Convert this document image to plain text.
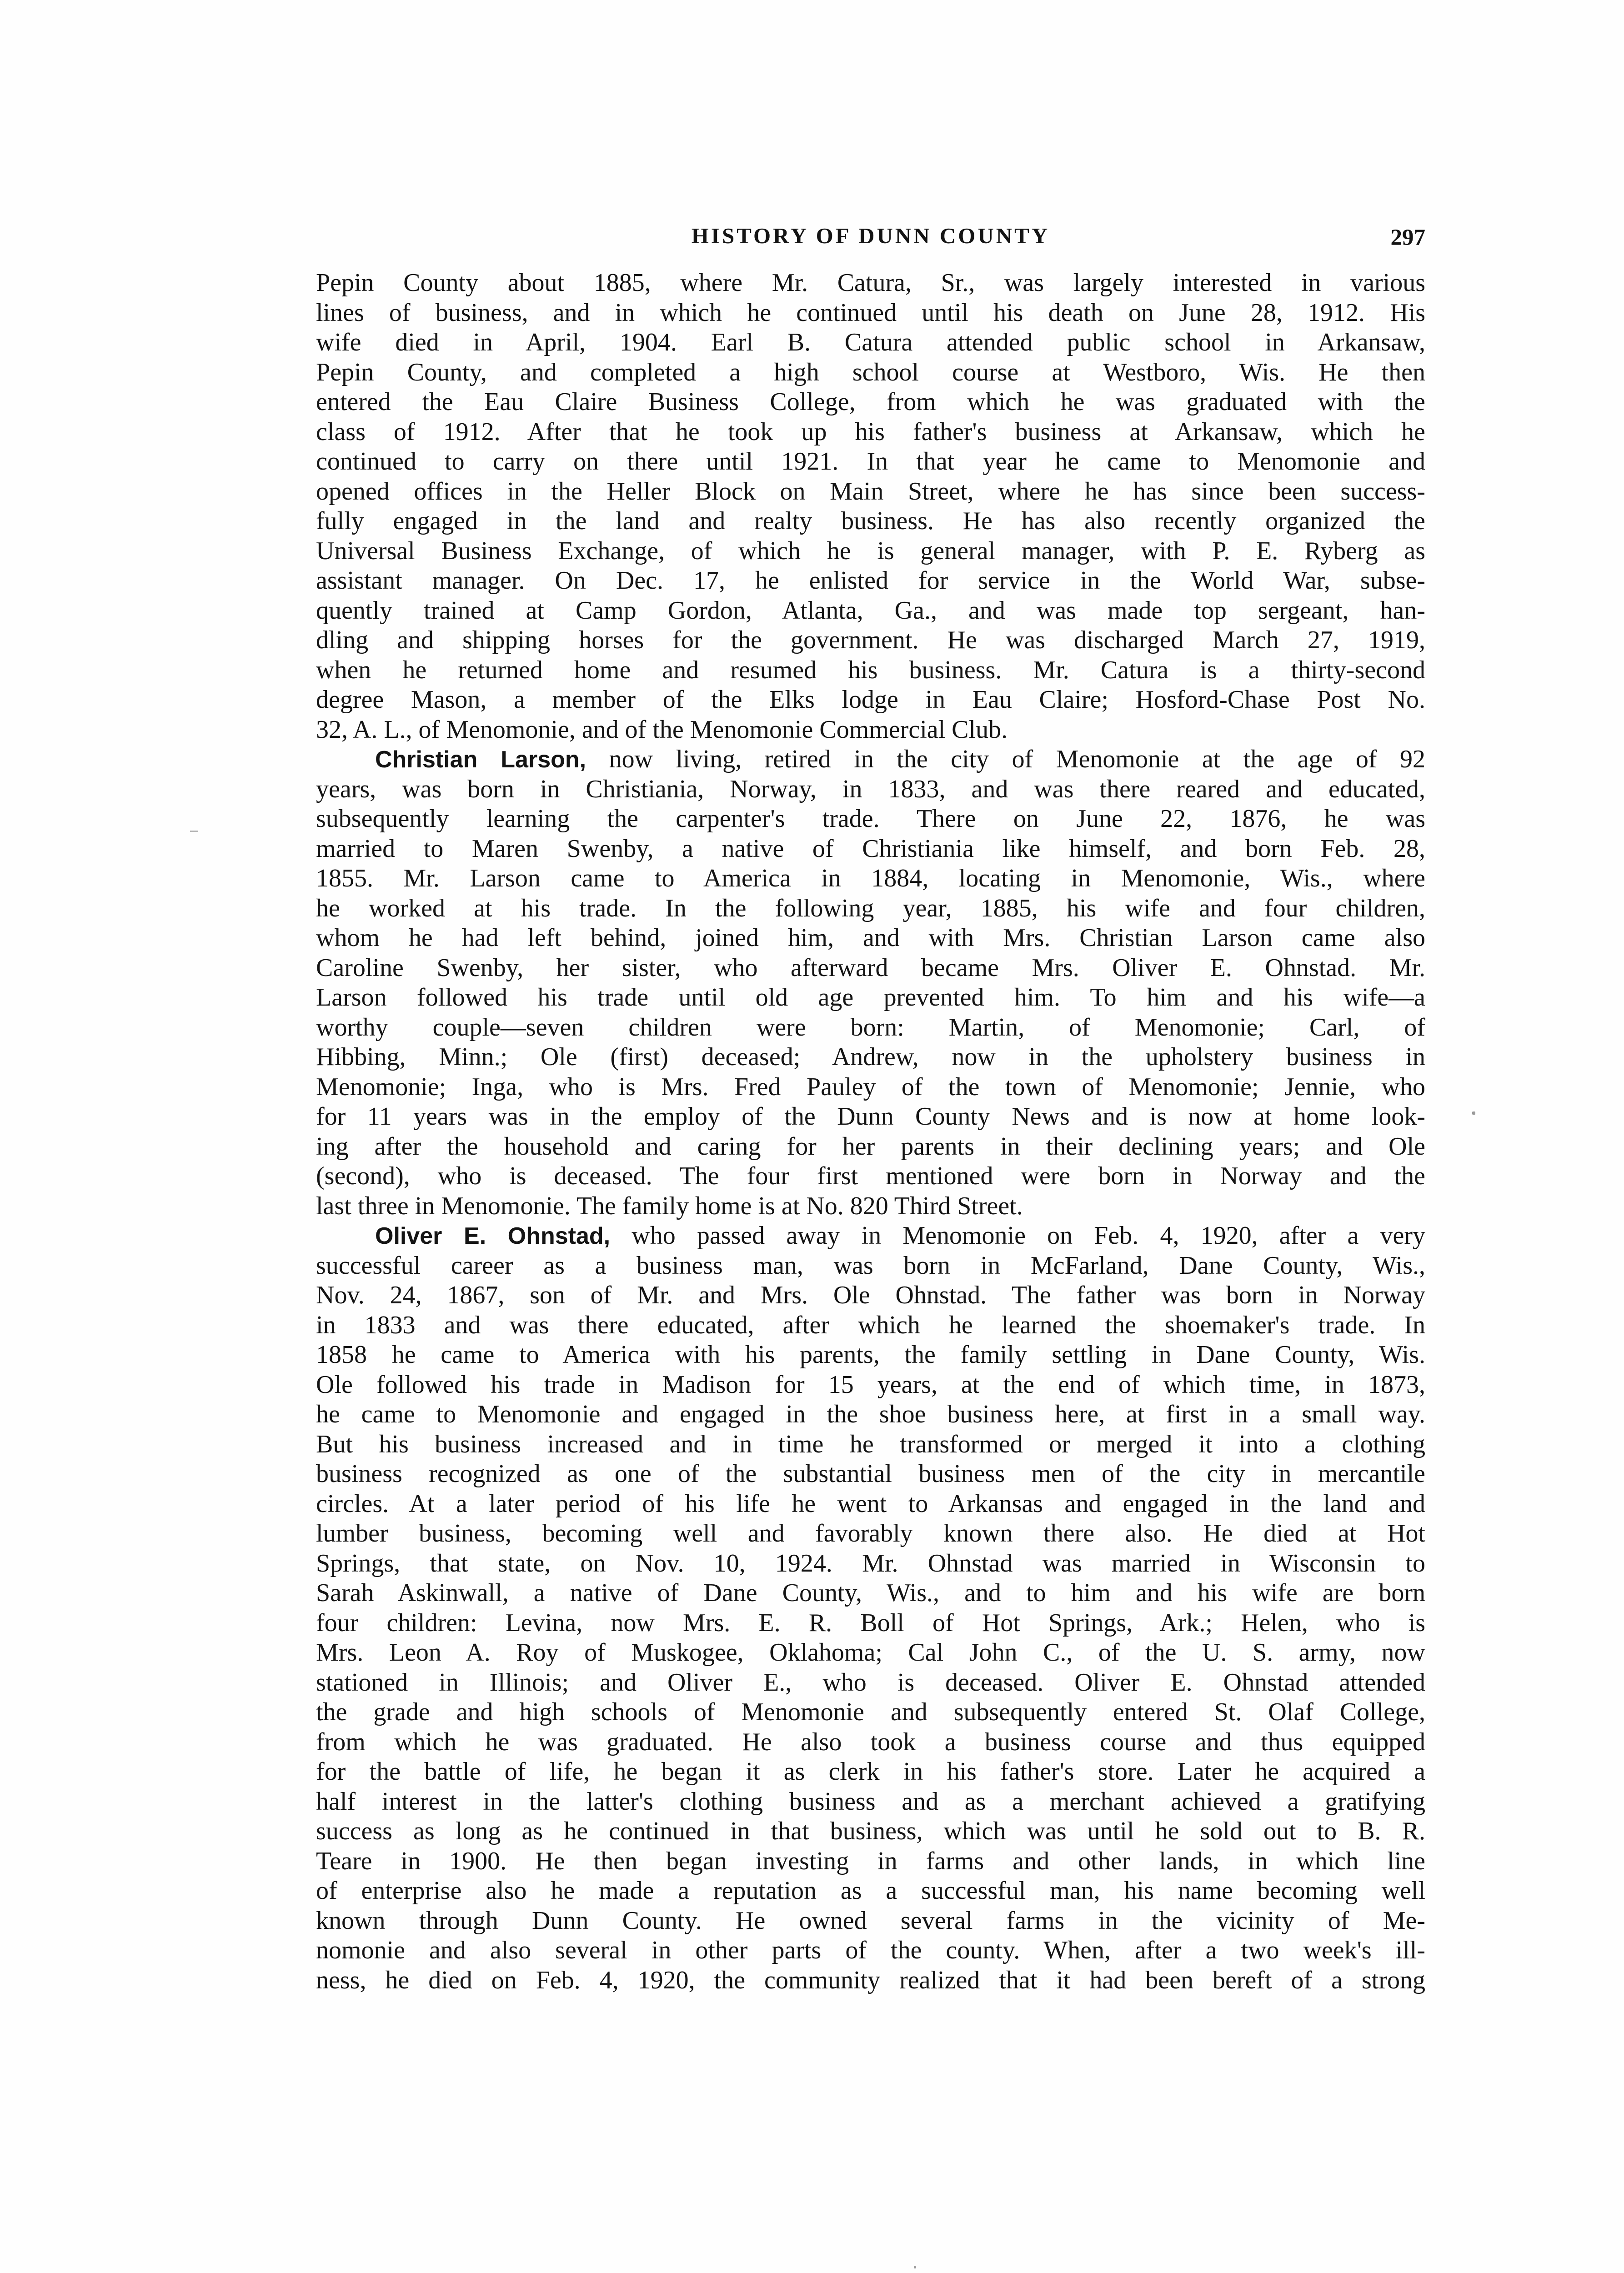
HISTORY OF DUNN COUNTY	297
Pepin County about 1885, where Mr. Catura, Sr., was largely interested in various
lines of business, and in which he continued until his death on June 28, 1912. His
wife died in April, 1904. Earl B. Catura attended public school in Arkansaw,
Pepin County, and completed a high school course at Westboro, Wis. He then
entered the Eau Claire Business College, from which he was graduated with the
class of 1912. After that he took up his father's business at Arkansaw, which he
continued to carry on there until 1921. In that year he came to Menomonie and
opened offices in the Heller Block on Main Street, where he has since been success-
fully engaged in the land and realty business. He has also recently organized the
Universal Business Exchange, of which he is general manager, with P. E. Ryberg as
assistant manager. On Dec. 17, he enlisted for service in the World War, subse-
quently trained at Camp Gordon, Atlanta, Ga., and was made top sergeant, han-
dling and shipping horses for the government. He was discharged March 27, 1919,
when he returned home and resumed his business. Mr. Catura is a thirty-second
degree Mason, a member of the Elks lodge in Eau Claire; Hosford-Chase Post No.
32, A. L., of Menomonie, and of the Menomonie Commercial Club.
Christian Larson, now living, retired in the city of Menomonie at the age of 92
years, was born in Christiania, Norway, in 1833, and was there reared and educated,
subsequently learning the carpenter's trade. There on June 22, 1876, he was
married to Maren Swenby, a native of Christiania like himself, and born Feb. 28,
1855. Mr. Larson came to America in 1884, locating in Menomonie, Wis., where
he worked at his trade. In the following year, 1885, his wife and four children,
whom he had left behind, joined him, and with Mrs. Christian Larson came also
Caroline Swenby, her sister, who afterward became Mrs. Oliver E. Ohnstad. Mr.
Larson followed his trade until old age prevented him. To him and his wife—a
worthy couple—seven children were born: Martin, of Menomonie; Carl, of
Hibbing, Minn.; Ole (first) deceased; Andrew, now in the upholstery business in
Menomonie; Inga, who is Mrs. Fred Pauley of the town of Menomonie; Jennie, who
for 11 years was in the employ of the Dunn County News and is now at home look-
ing after the household and caring for her parents in their declining years; and Ole
(second), who is deceased. The four first mentioned were born in Norway and the
last three in Menomonie. The family home is at No. 820 Third Street.
Oliver E. Ohnstad, who passed away in Menomonie on Feb. 4, 1920, after a very
successful career as a business man, was born in McFarland, Dane County, Wis.,
Nov. 24, 1867, son of Mr. and Mrs. Ole Ohnstad. The father was born in Norway
in 1833 and was there educated, after which he learned the shoemaker's trade. In
1858 he came to America with his parents, the family settling in Dane County, Wis.
Ole followed his trade in Madison for 15 years, at the end of which time, in 1873,
he came to Menomonie and engaged in the shoe business here, at first in a small way.
But his business increased and in time he transformed or merged it into a clothing
business recognized as one of the substantial business men of the city in mercantile
circles. At a later period of his life he went to Arkansas and engaged in the land and
lumber business, becoming well and favorably known there also. He died at Hot
Springs, that state, on Nov. 10, 1924. Mr. Ohnstad was married in Wisconsin to
Sarah Askinwall, a native of Dane County, Wis., and to him and his wife are born
four children: Levina, now Mrs. E. R. Boll of Hot Springs, Ark.; Helen, who is
Mrs. Leon A. Roy of Muskogee, Oklahoma; Cal John C., of the U. S. army, now
stationed in Illinois; and Oliver E., who is deceased. Oliver E. Ohnstad attended
the grade and high schools of Menomonie and subsequently entered St. Olaf College,
from which he was graduated. He also took a business course and thus equipped
for the battle of life, he began it as clerk in his father's store. Later he acquired a
half interest in the latter's clothing business and as a merchant achieved a gratifying
success as long as he continued in that business, which was until he sold out to B. R.
Teare in 1900. He then began investing in farms and other lands, in which line
of enterprise also he made a reputation as a successful man, his name becoming well
known through Dunn County. He owned several farms in the vicinity of Me-
nomonie and also several in other parts of the county. When, after a two week's ill-
ness, he died on Feb. 4, 1920, the community realized that it had been bereft of a strong
